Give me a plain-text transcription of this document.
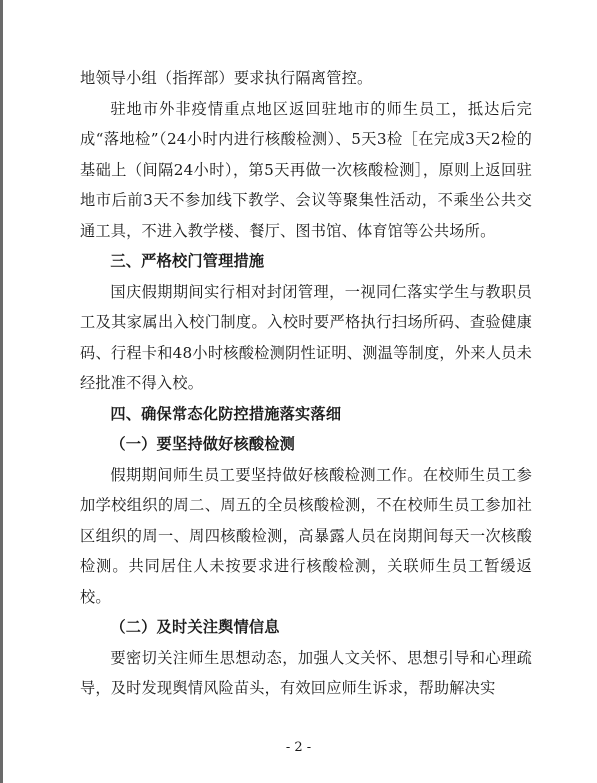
地领导小组（指挥部）要求执行隔离管控。

驻地市外非疫情重点地区返回驻地市的师生员工，抵达后完成“落地检”（24小时内进行核酸检测）、5天3检［在完成3天2检的基础上（间隔24小时），第5天再做一次核酸检测］，原则上返回驻地市后前3天不参加线下教学、会议等聚集性活动，不乘坐公共交通工具，不进入教学楼、餐厅、图书馆、体育馆等公共场所。

三、严格校门管理措施

国庆假期期间实行相对封闭管理，一视同仁落实学生与教职员工及其家属出入校门制度。入校时要严格执行扫场所码、查验健康码、行程卡和48小时核酸检测阴性证明、测温等制度，外来人员未经批准不得入校。

四、确保常态化防控措施落实落细

（一）要坚持做好核酸检测

假期期间师生员工要坚持做好核酸检测工作。在校师生员工参加学校组织的周二、周五的全员核酸检测，不在校师生员工参加社区组织的周一、周四核酸检测，高暴露人员在岗期间每天一次核酸检测。共同居住人未按要求进行核酸检测，关联师生员工暂缓返校。

（二）及时关注舆情信息

要密切关注师生思想动态，加强人文关怀、思想引导和心理疏导，及时发现舆情风险苗头，有效回应师生诉求，帮助解决实

- 2 -
